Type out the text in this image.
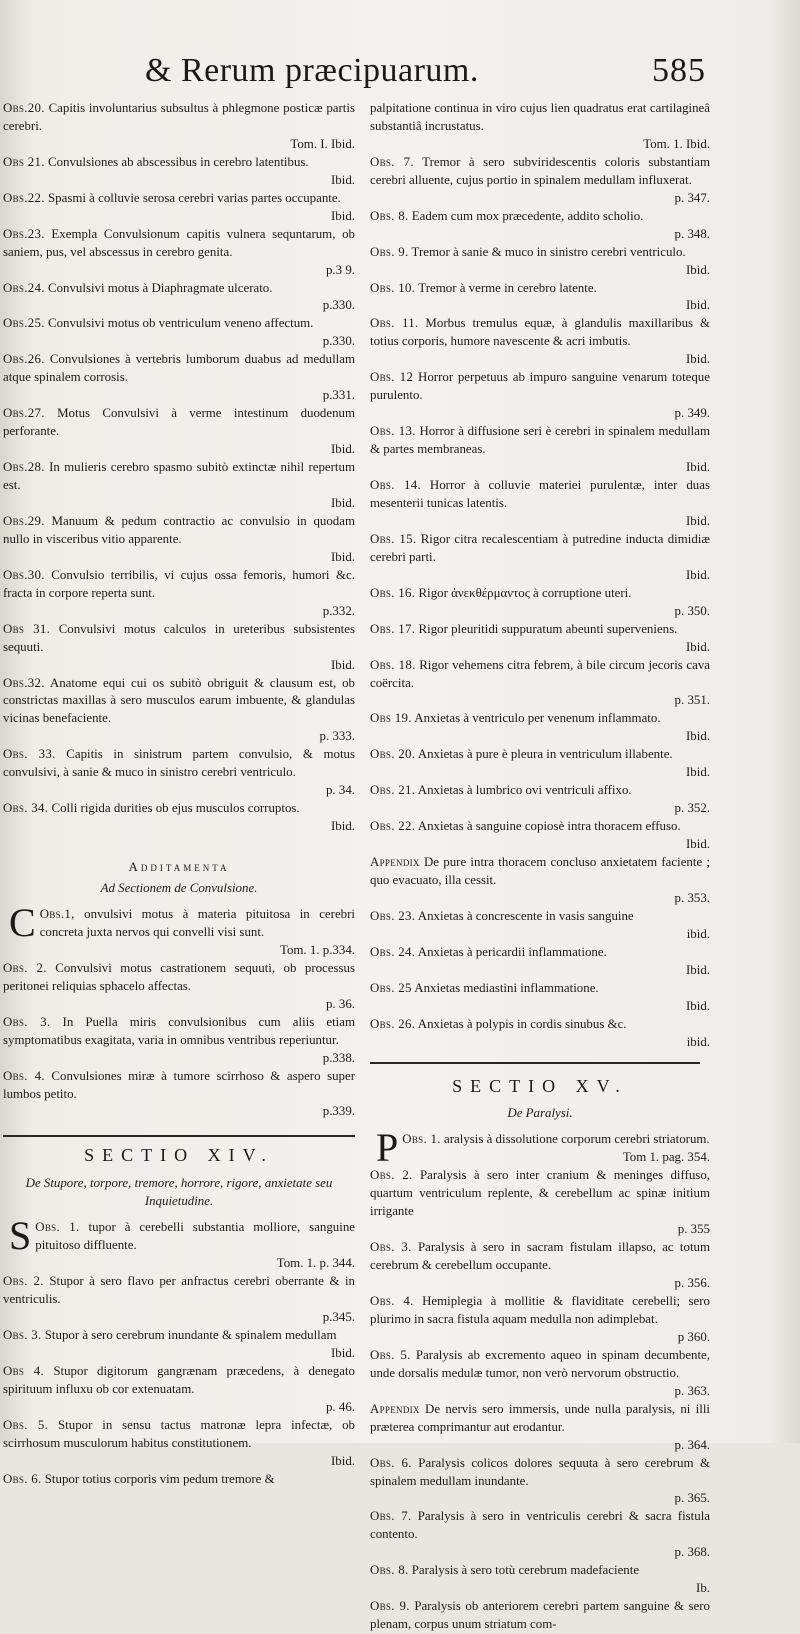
& Rerum præcipuarum.	585
Obs.20. Capitis involuntarius subsultus à phlegmone posticæ partis cerebri.
Tom. I. Ibid.
Obs 21. Convulsiones ab abscessibus in cerebro latentibus.
Ibid.
Obs.22. Spasmi à colluvie serosa cerebri varias partes occupante.
Ibid.
Obs.23. Exempla Convulsionum capitis vulnera sequntarum, ob saniem, pus, vel abscessus in cerebro genita.
p.3 9.
Obs.24. Convulsivi motus à Diaphragmate ulcerato.
p.330.
Obs.25. Convulsivi motus ob ventriculum veneno affectum.
p.330.
Obs.26. Convulsiones à vertebris lumborum duabus ad medullam atque spinalem corrosis.
p.331.
Obs.27. Motus Convulsivi à verme intestinum duodenum perforante.
Ibid.
Obs.28. In mulieris cerebro spasmo subitò extinctæ nihil repertum est.
Ibid.
Obs.29. Manuum & pedum contractio ac convulsio in quodam nullo in visceribus vitio apparente.
Ibid.
Obs.30. Convulsio terribilis, vi cujus ossa femoris, humori &c. fracta in corpore reperta sunt.
p.332.
Obs 31. Convulsivi motus calculos in ureteribus subsistentes sequuti.
Ibid.
Obs.32. Anatome equi cui os subitò obriguit & clausum est, ob constrictas maxillas à sero musculos earum imbuente, & glandulas vicinas benefaciente.
p. 333.
Obs. 33. Capitis in sinistrum partem convulsio, & motus convulsivi, à sanie & muco in sinistro cerebri ventriculo.
p. 34.
Obs. 34. Colli rigida durities ob ejus musculos corruptos.
Ibid.
Additamenta
Ad Sectionem de Convulsione.
Obs.1,
C	onvulsivi motus à materia pituitosa in cerebri concreta juxta nervos qui convelli visi sunt.
Tom. 1. p.334.
Obs. 2. Convulsivi motus castrationem sequuti, ob processus peritonei reliquias sphacelo affectas.
p. 36.
Obs. 3. In Puella miris convulsionibus cum aliis etiam symptomatibus exagitata, varia in omnibus ventribus reperiuntur.
p.338.
Obs. 4. Convulsiones miræ à tumore scirrhoso & aspero super lumbos petito.
p.339.
SECTIO XIV.
De Stupore, torpore, tremore, horrore, rigore, anxietate seu Inquietudine.
Obs. 1.
S	tupor à cerebelli substantia molliore, sanguine pituitoso diffluente.
Tom. 1. p. 344.
Obs. 2. Stupor à sero flavo per anfractus cerebri oberrante & in ventriculis.
p.345.
Obs. 3. Stupor à sero cerebrum inundante & spinalem medullam
Ibid.
Obs 4. Stupor digitorum gangrænam præcedens, à denegato spirituum influxu ob cor extenuatam.
p. 46.
Obs. 5. Stupor in sensu tactus matronæ lepra infectæ, ob scirrhosum musculorum habitus constitutionem.
Ibid.
Obs. 6. Stupor totius corporis vim pedum tremore &
palpitatione continua in viro cujus lien quadratus erat cartilagineâ substantiâ incrustatus.
Tom. 1. Ibid.
Obs. 7. Tremor à sero subviridescentis coloris substantiam cerebri alluente, cujus portio in spinalem medullam influxerat.
p. 347.
Obs. 8. Eadem cum mox præcedente, addito scholio.
p. 348.
Obs. 9. Tremor à sanie & muco in sinistro cerebri ventriculo.
Ibid.
Obs. 10. Tremor à verme in cerebro latente.
Ibid.
Obs. 11. Morbus tremulus equæ, à glandulis maxillaribus & totius corporis, humore navescente & acri imbutis.
Ibid.
Obs. 12 Horror perpetuus ab impuro sanguine venarum toteque purulento.
p. 349.
Obs. 13. Horror à diffusione seri è cerebri in spinalem medullam & partes membraneas.
Ibid.
Obs. 14. Horror à colluvie materiei purulentæ, inter duas mesenterii tunicas latentis.
Ibid.
Obs. 15. Rigor citra recalescentiam à putredine inducta dimidiæ cerebri parti.
Ibid.
Obs. 16. Rigor ἀνεκθέρμαντος à corruptione uteri.
p. 350.
Obs. 17. Rigor pleuritidi suppuratum abeunti superveniens.
Ibid.
Obs. 18. Rigor vehemens citra febrem, à bile circum jecoris cava coërcita.
p. 351.
Obs 19. Anxietas à ventriculo per venenum inflammato.
Ibid.
Obs. 20. Anxietas à pure è pleura in ventriculum illabente.
Ibid.
Obs. 21. Anxietas à lumbrico ovi ventriculi affixo.
p. 352.
Obs. 22. Anxietas à sanguine copiosè intra thoracem effuso.
Ibid.
Appendix De pure intra thoracem concluso anxietatem faciente ; quo evacuato, illa cessit.
p. 353.
Obs. 23. Anxietas à concrescente in vasis sanguine
ibid.
Obs. 24. Anxietas à pericardii inflammatione.
Ibid.
Obs. 25 Anxietas mediastini inflammatione.
Ibid.
Obs. 26. Anxietas à polypis in cordis sinubus &c.
ibid.
SECTIO XV.
De Paralysi.
Obs. 1.
P	aralysis à dissolutione corporum cerebri striatorum.
Tom 1. pag. 354.
Obs. 2. Paralysis à sero inter cranium & meninges diffuso, quartum ventriculum replente, & cerebellum ac spinæ initium irrigante
p. 355
Obs. 3. Paralysis à sero in sacram fistulam illapso, ac totum cerebrum & cerebellum occupante.
p. 356.
Obs. 4. Hemiplegia à mollitie & flaviditate cerebelli; sero plurimo in sacra fistula aquam medulla non adimplebat.
p 360.
Obs. 5. Paralysis ab excremento aqueo in spinam decumbente, unde dorsalis medulæ tumor, non verò nervorum obstructio.
p. 363.
Appendix De nervis sero immersis, unde nulla paralysis, ni illi præterea comprimantur aut erodantur.
p. 364.
Obs. 6. Paralysis colicos dolores sequuta à sero cerebrum & spinalem medullam inundante.
p. 365.
Obs. 7. Paralysis à sero in ventriculis cerebri & sacra fistula contento.
p. 368.
Obs. 8. Paralysis à sero totù cerebrum madefaciente
Ib.
Obs. 9. Paralysis ob anteriorem cerebri partem sanguine & sero plenam, corpus unum striatum com-
